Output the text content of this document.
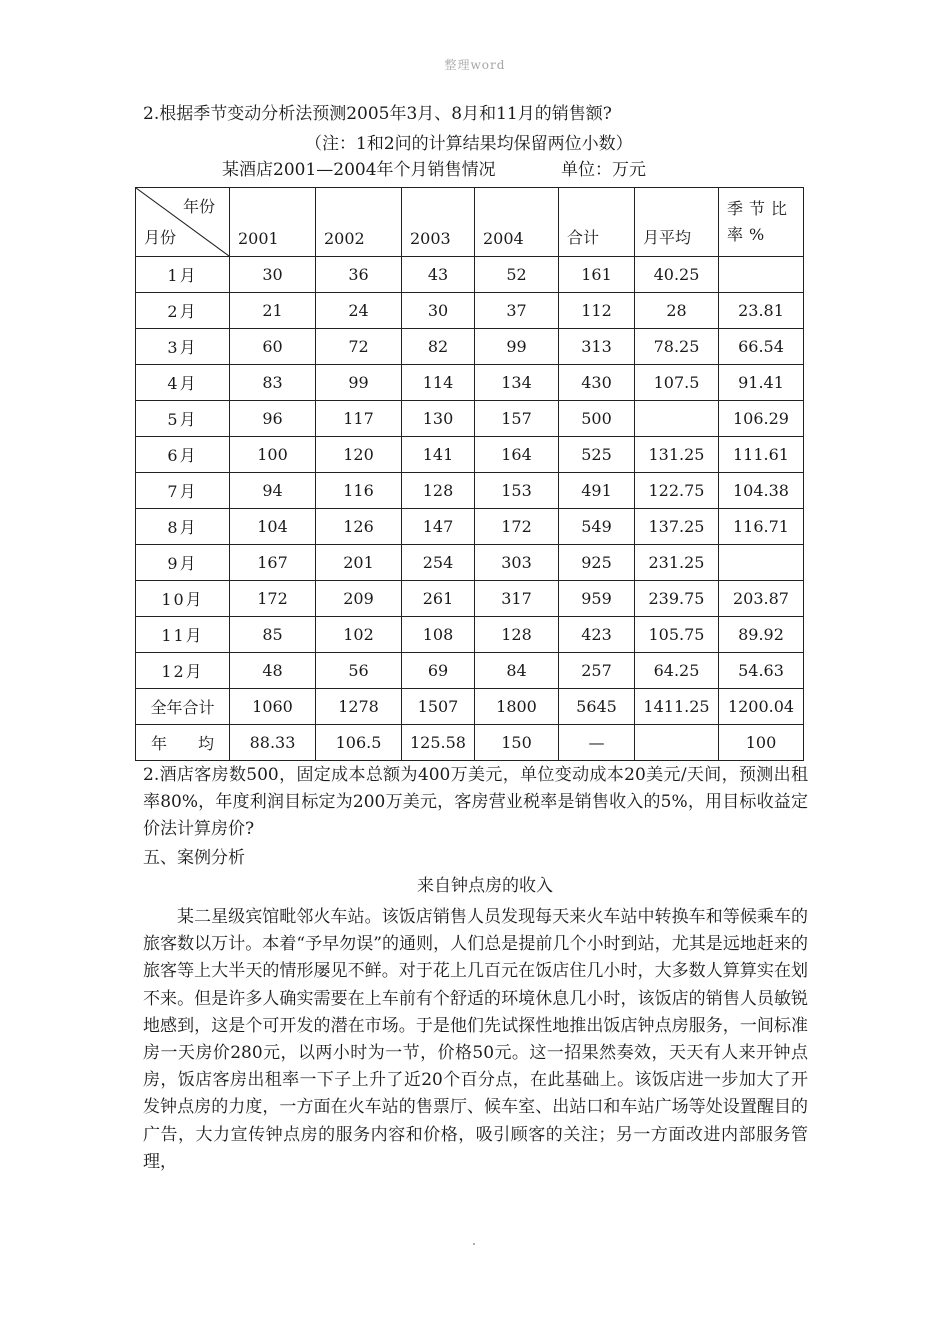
整理word
2.根据季节变动分析法预测2005年3月、8月和11月的销售额?
（注：1和2问的计算结果均保留两位小数）
某酒店2001—2004年个月销售情况	单位：万元
年份
月份	2001	2002	2003	2004	合计	月平均	季节比
率%
1月	30	36	43	52	161	40.25	
2月	21	24	30	37	112	28	23.81
3月	60	72	82	99	313	78.25	66.54
4月	83	99	114	134	430	107.5	91.41
5月	96	117	130	157	500		106.29
6月	100	120	141	164	525	131.25	111.61
7月	94	116	128	153	491	122.75	104.38
8月	104	126	147	172	549	137.25	116.71
9月	167	201	254	303	925	231.25	
10月	172	209	261	317	959	239.75	203.87
11月	85	102	108	128	423	105.75	89.92
12月	48	56	69	84	257	64.25	54.63
全年合计	1060	1278	1507	1800	5645	1411.25	1200.04
年 均	88.33	106.5	125.58	150	—		100
2.酒店客房数500，固定成本总额为400万美元，单位变动成本20美元/天间，预测出租率80%，年度利润目标定为200万美元，客房营业税率是销售收入的5%，用目标收益定价法计算房价?
五、案例分析
来自钟点房的收入
某二星级宾馆毗邻火车站。该饭店销售人员发现每天来火车站中转换车和等候乘车的旅客数以万计。本着“予早勿误”的通则，人们总是提前几个小时到站，尤其是远地赶来的旅客等上大半天的情形屡见不鲜。对于花上几百元在饭店住几小时，大多数人算算实在划不来。但是许多人确实需要在上车前有个舒适的环境休息几小时，该饭店的销售人员敏锐地感到，这是个可开发的潜在市场。于是他们先试探性地推出饭店钟点房服务，一间标准房一天房价280元，以两小时为一节，价格50元。这一招果然奏效，天天有人来开钟点房，饭店客房出租率一下子上升了近20个百分点，在此基础上。该饭店进一步加大了开发钟点房的力度，一方面在火车站的售票厅、候车室、出站口和车站广场等处设置醒目的广告，大力宣传钟点房的服务内容和价格，吸引顾客的关注；另一方面改进内部服务管理，
